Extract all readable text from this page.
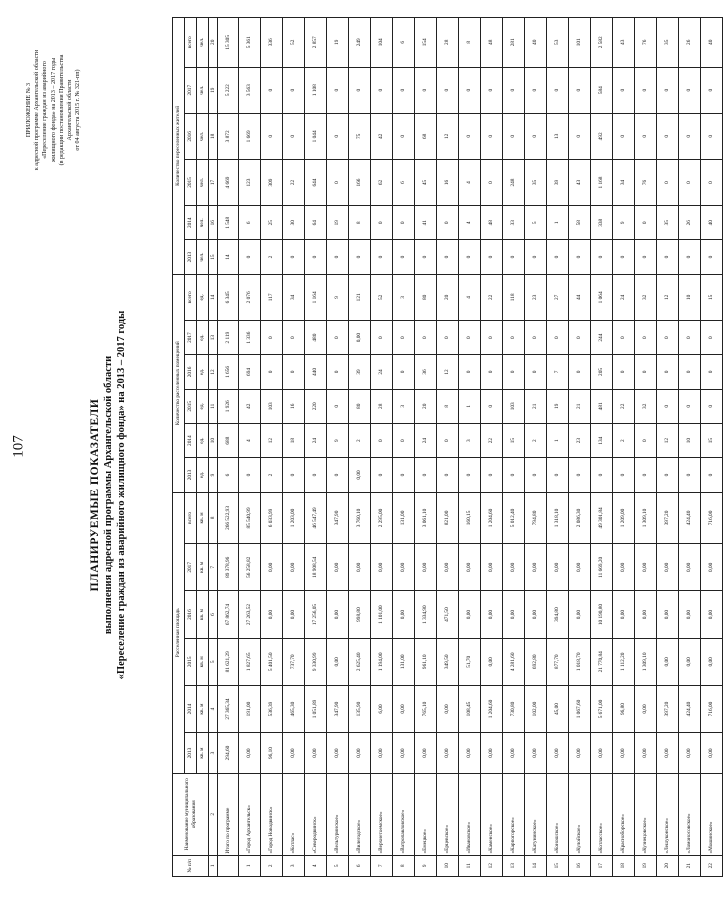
107
ПРИЛОЖЕНИЕ № 3 к адресной программе Архангельской области «Переселение граждан из аварийного жилищного фонда» на 2013 – 2017 годы (в редакции постановления Правительства Архангельской области от 04 августа 2015 г. № 321-пп)
ПЛАНИРУЕМЫЕ ПОКАЗАТЕЛИ выполнения адресной программы Архангельской области «Переселение граждан из аварийного жилищного фонда» на 2013 – 2017 годы
№ п/п	Наименование муниципального образования	Расселенная площадь						Количество расселенных помещений						Количество переселенных жителей					
		2013	2014	2015	2016	2017	всего	2013	2014	2015	2016	2017	всего	2013	2014	2015	2016	2017	всего
		кв. м	кв. м	кв. м	кв. м	кв. м	кв. м	ед.	ед.	ед.	ед.	ед.	ед.	чел.	чел.	чел.	чел.	чел.	чел.
1	2	3	4	5	6	7	8	9	10	11	12	13	14	15	16	17	18	19	20
	Итого по программе	294,60	27 365,34	81 621,29	67 862,74	89 378,96	266 522,93	6	688	1 926	1 656	2 119	6 345	14	1 548	4 669	3 872	5 222	15 305
1	«Город Архангельск»	0,00	191,00	1 827,65	27 263,52	56 258,82	85 540,99	0	4	42	694	1 336	2 076	0	6	123	1 669	3 563	5 361
2	«Город Новодвинск»	96,10	536,39	5 401,50	0,00	0,00	6 033,99	2	12	103	0	0	117	2	25	309	0	0	336
3	«Котлас»	0,00	465,30	737,70	0,00	0,00	1 203,00	0	18	16	0	0	34	0	30	22	0	0	52
4	«Северодвинск»	0,00	1 051,89	9 330,99	17 256,05	18 908,54	46 547,49	0	24	220	440	480	1 164	0	64	644	1 044	1 108	2 857
5	«Вельтуринское»	0,00	347,90	0,00	0,00	0,00	347,90	0	9	0	0	0	9	0	19	0	0	0	19
6	«Вилегодское»	0,00	135,90	2 625,40	998,80	0,00	3 760,10	0,00	2	80	39	0,00	121	0	8	166	75	0	249
7	«Верхнетоемское»	0,00	6,00	1 194,00	1 101,00	0,00	2 295,00	0	0	28	24	0	52	0	0	62	42	0	104
8	«Ватропавловское»	0,00	0,00	131,00	0,00	0,00	131,00	0	0	3	0	0	3	0	0	6	0	0	6
9	«Емецкое»	0,00	765,10	961,10	1 334,90	0,00	3 061,10	0	24	20	36	0	80	0	41	45	68	0	154
10	«Ерцевское»	0,00	0,00	349,50	471,50	0,00	821,00	0	0	8	12	0	20	0	0	16	12	0	28
11	«Ивановское»	0,00	108,45	51,70	0,00	0,00	160,15	0	3	1	0	0	4	0	4	4	0	0	8
12	«Каменское»	0,00	1 204,60	0,00	0,00	0,00	1 204,60	0	22	0	0	0	22	0	48	0	0	0	48
13	«Карпогорское»	0,00	730,80	4 281,60	0,00	0,00	5 012,40	0	15	103	0	0	118	0	33	248	0	0	281
14	«Катунинское»	0,00	102,00	692,80	0,00	0,00	794,80	0	2	21	0	0	23	0	5	35	0	0	40
15	«Коношское»	0,00	45,00	877,70	394,80	0,00	1 318,10	0	1	19	7	0	27	0	1	39	13	0	53
16	«Кулойское»	0,00	1 067,60	1 018,70	0,00	0,00	2 086,30	0	23	21	0	0	44	0	58	43	0	0	101
17	«Котласское»	0,00	5 671,00	21 770,84	10 190,80	11 669,20	49 301,84	0	134	481	205	244	1 064	0	338	1 168	492	584	2 582
18	«Красноборское»	0,00	96,80	1 112,20	0,00	0,00	1 209,00	0	2	22	0	0	24	0	9	34	0	0	43
19	«Кузнецовское»	0,00	0,00	1 309,10	0,00	0,00	1 309,10	0	0	32	0	0	32	0	0	76	0	0	76
20	«Лешуконское»	0,00	397,20	0,00	0,00	0,00	397,20	0	12	0	0	0	12	0	35	0	0	0	35
21	«Ломоносовское»	0,00	424,40	0,00	0,00	0,00	424,40	0	10	0	0	0	10	0	26	0	0	0	26
22	«Мошинское»	0,00	716,00	0,00	0,00	0,00	716,00	0	15	0	0	0	15	0	40	0	0	0	40
